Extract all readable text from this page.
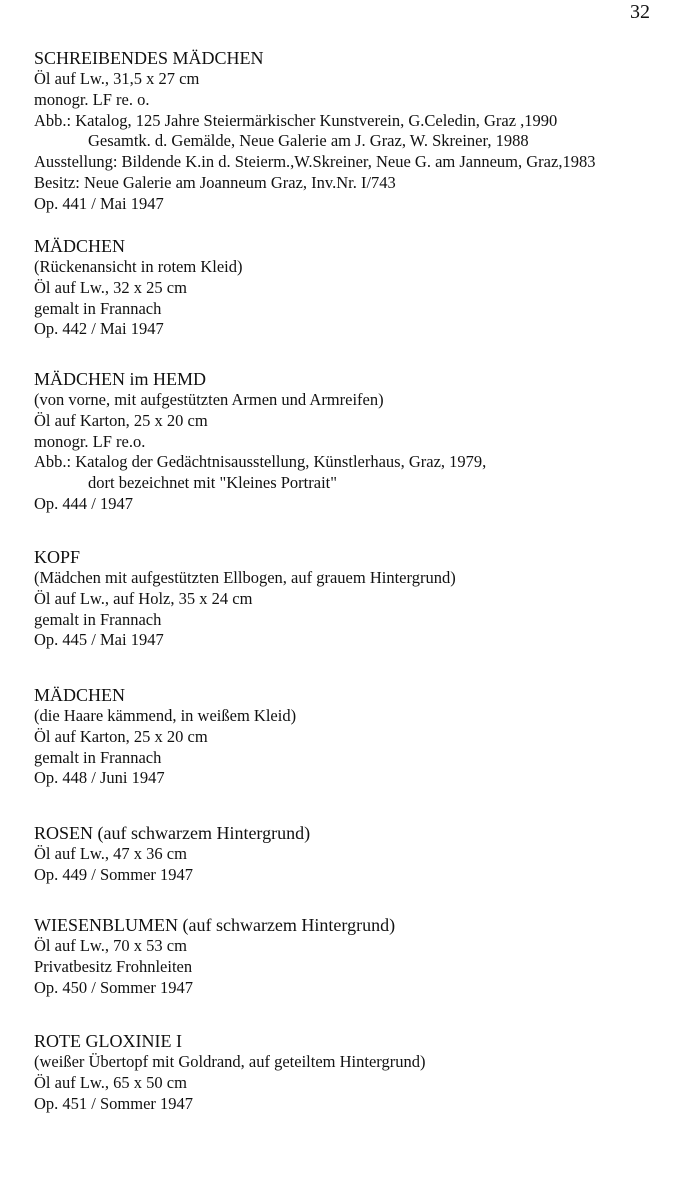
32
SCHREIBENDES MÄDCHEN
Öl auf Lw., 31,5 x 27 cm
monogr. LF re. o.
Abb.: Katalog, 125 Jahre Steiermärkischer Kunstverein, G.Celedin, Graz ,1990
Gesamtk. d. Gemälde, Neue Galerie am J. Graz, W. Skreiner, 1988
Ausstellung: Bildende K.in d. Steierm.,W.Skreiner, Neue G. am Janneum, Graz,1983
Besitz: Neue Galerie am Joanneum Graz, Inv.Nr. I/743
Op. 441 / Mai 1947
MÄDCHEN
(Rückenansicht in rotem Kleid)
Öl auf Lw., 32 x 25 cm
gemalt in Frannach
Op. 442 / Mai 1947
MÄDCHEN im HEMD
(von vorne, mit aufgestützten Armen und Armreifen)
Öl auf Karton, 25 x 20 cm
monogr. LF re.o.
Abb.: Katalog der Gedächtnisausstellung, Künstlerhaus, Graz, 1979,
dort bezeichnet mit "Kleines Portrait"
Op. 444 / 1947
KOPF
(Mädchen mit aufgestützten Ellbogen, auf grauem Hintergrund)
Öl auf Lw., auf Holz, 35 x 24 cm
gemalt in Frannach
Op. 445 / Mai 1947
MÄDCHEN
(die Haare kämmend, in weißem Kleid)
Öl auf Karton, 25 x 20 cm
gemalt in Frannach
Op. 448 / Juni 1947
ROSEN (auf schwarzem Hintergrund)
Öl auf Lw., 47 x 36 cm
Op. 449 / Sommer 1947
WIESENBLUMEN (auf schwarzem Hintergrund)
Öl auf Lw., 70 x 53 cm
Privatbesitz Frohnleiten
Op. 450 / Sommer 1947
ROTE GLOXINIE I
(weißer Übertopf mit Goldrand, auf geteiltem Hintergrund)
Öl auf Lw., 65 x 50 cm
Op. 451 / Sommer 1947
